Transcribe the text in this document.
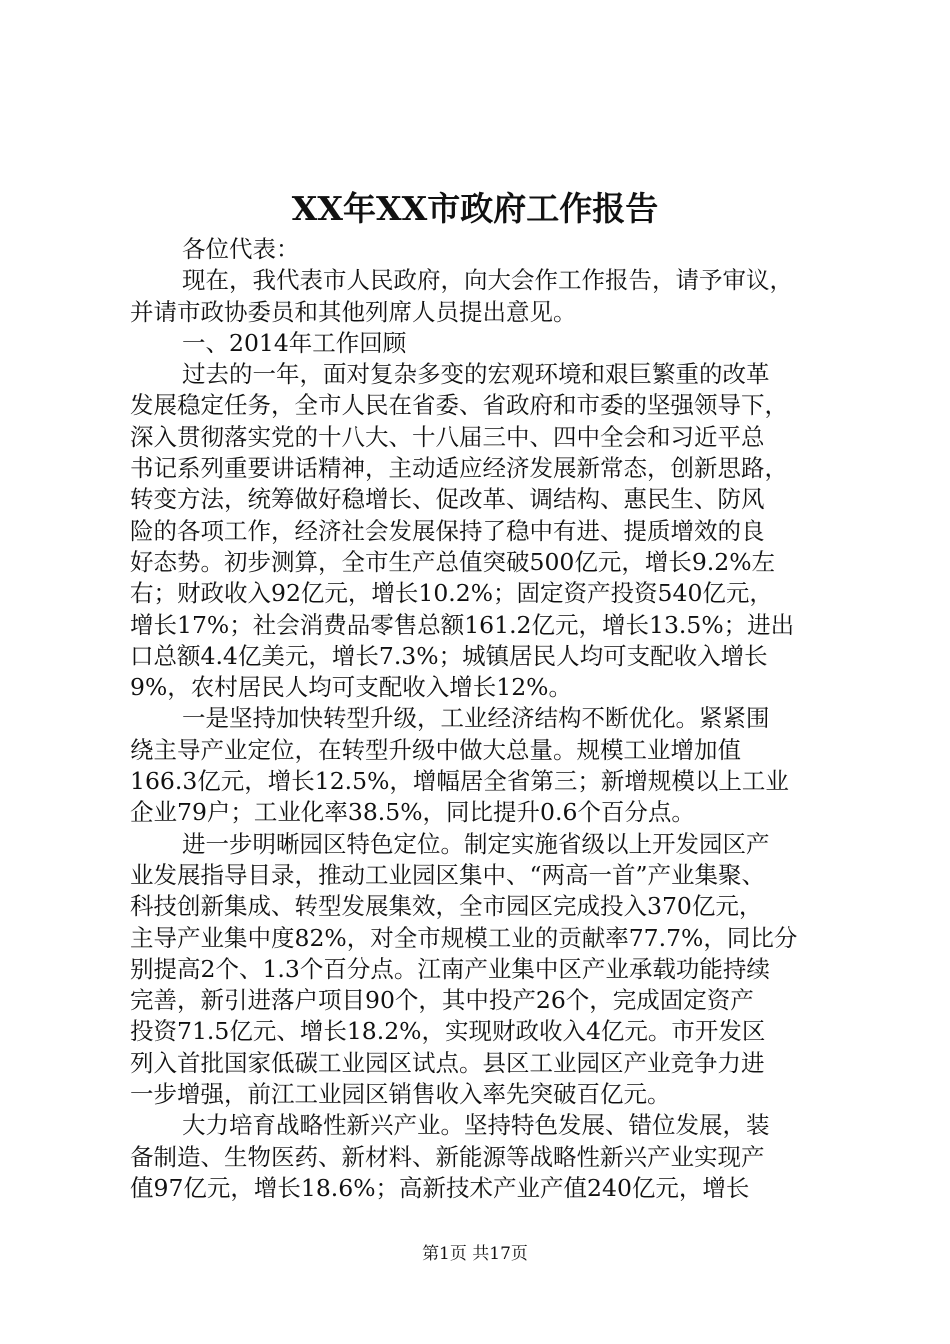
XX年XX市政府工作报告
各位代表：
现在，我代表市人民政府，向大会作工作报告，请予审议，
并请市政协委员和其他列席人员提出意见。
一、2014年工作回顾
过去的一年，面对复杂多变的宏观环境和艰巨繁重的改革
发展稳定任务，全市人民在省委、省政府和市委的坚强领导下，
深入贯彻落实党的十八大、十八届三中、四中全会和习近平总
书记系列重要讲话精神，主动适应经济发展新常态，创新思路，
转变方法，统筹做好稳增长、促改革、调结构、惠民生、防风
险的各项工作，经济社会发展保持了稳中有进、提质增效的良
好态势。初步测算，全市生产总值突破500亿元，增长9.2%左
右；财政收入92亿元，增长10.2%；固定资产投资540亿元，
增长17%；社会消费品零售总额161.2亿元，增长13.5%；进出
口总额4.4亿美元，增长7.3%；城镇居民人均可支配收入增长
9%，农村居民人均可支配收入增长12%。
一是坚持加快转型升级，工业经济结构不断优化。紧紧围
绕主导产业定位，在转型升级中做大总量。规模工业增加值
166.3亿元，增长12.5%，增幅居全省第三；新增规模以上工业
企业79户；工业化率38.5%，同比提升0.6个百分点。
进一步明晰园区特色定位。制定实施省级以上开发园区产
业发展指导目录，推动工业园区集中、“两高一首”产业集聚、
科技创新集成、转型发展集效，全市园区完成投入370亿元，
主导产业集中度82%，对全市规模工业的贡献率77.7%，同比分
别提高2个、1.3个百分点。江南产业集中区产业承载功能持续
完善，新引进落户项目90个，其中投产26个，完成固定资产
投资71.5亿元、增长18.2%，实现财政收入4亿元。市开发区
列入首批国家低碳工业园区试点。县区工业园区产业竞争力进
一步增强，前江工业园区销售收入率先突破百亿元。
大力培育战略性新兴产业。坚持特色发展、错位发展，装
备制造、生物医药、新材料、新能源等战略性新兴产业实现产
值97亿元，增长18.6%；高新技术产业产值240亿元，增长
第1页 共17页
